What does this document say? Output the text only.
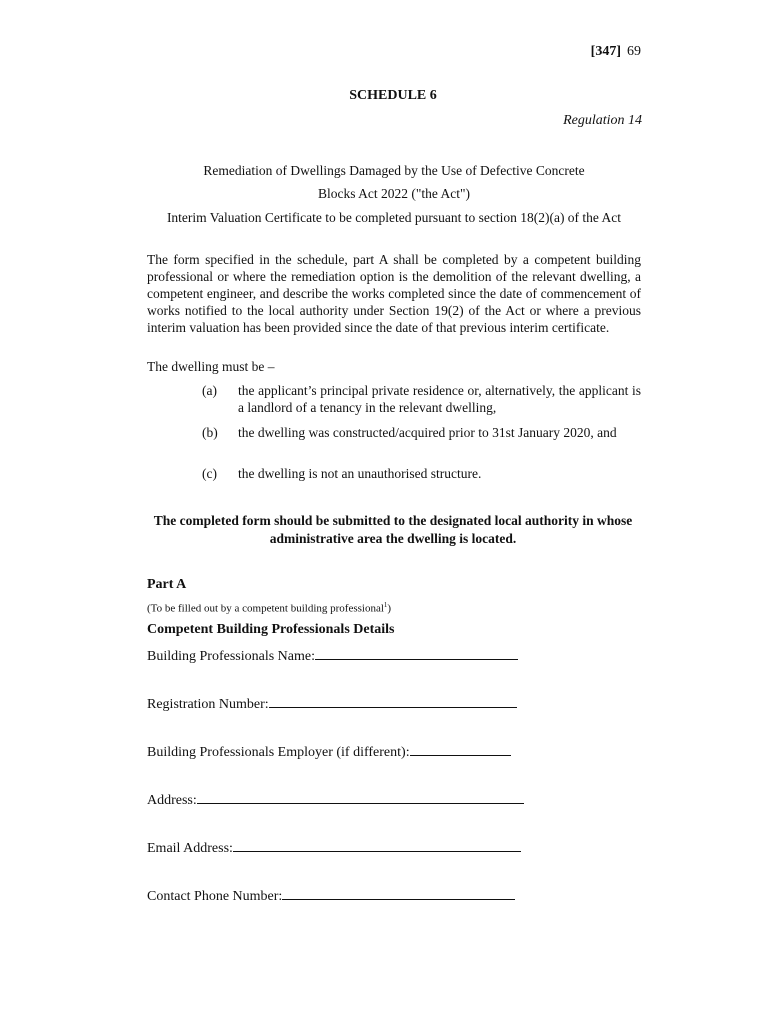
[347] 69
SCHEDULE 6
Regulation 14
Remediation of Dwellings Damaged by the Use of Defective Concrete
Blocks Act 2022 ("the Act")
Interim Valuation Certificate to be completed pursuant to section 18(2)(a) of the Act
The form specified in the schedule, part A shall be completed by a competent building professional or where the remediation option is the demolition of the relevant dwelling, a competent engineer, and describe the works completed since the date of commencement of works notified to the local authority under Section 19(2) of the Act or where a previous interim valuation has been provided since the date of that previous interim certificate.
The dwelling must be –
(a) the applicant’s principal private residence or, alternatively, the applicant is a landlord of a tenancy in the relevant dwelling,
(b) the dwelling was constructed/acquired prior to 31st January 2020, and
(c) the dwelling is not an unauthorised structure.
The completed form should be submitted to the designated local authority in whose administrative area the dwelling is located.
Part A
(To be filled out by a competent building professional$^1$)
Competent Building Professionals Details
Building Professionals Name:
Registration Number:
Building Professionals Employer (if different):
Address:
Email Address:
Contact Phone Number:
